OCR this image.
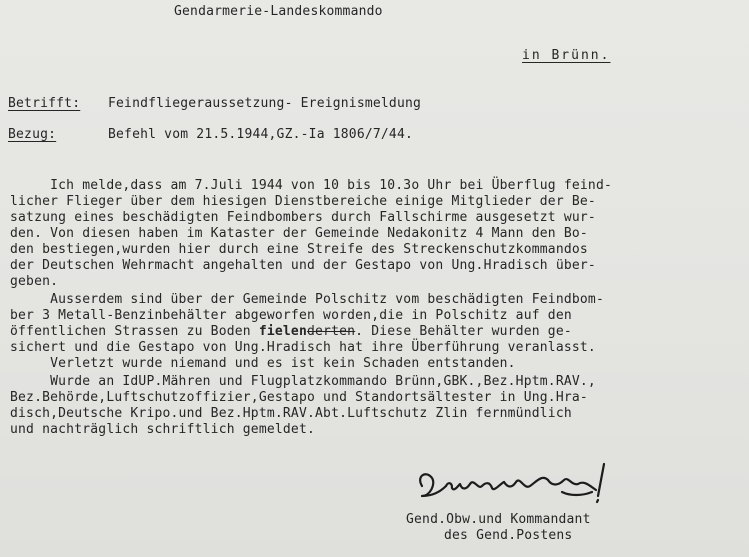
Gendarmerie-Landeskommando
in Brünn.
Betrifft: Feindfliegeraussetzung- Ereignismeldung
Bezug:	Befehl vom 21.5.1944,GZ.-Ia 1806/7/44.
Ich melde,dass am 7.Juli 1944 von 10 bis 10.3o Uhr bei Überflug feind-
licher Flieger über dem hiesigen Dienstbereiche einige Mitglieder der Be-
satzung eines beschädigten Feindbombers durch Fallschirme ausgesetzt wur-
den. Von diesen haben im Kataster der Gemeinde Nedakonitz 4 Mann den Bo-
den bestiegen,wurden hier durch eine Streife des Streckenschutzkommandos
der Deutschen Wehrmacht angehalten und der Gestapo von Ung.Hradisch über-
geben.
Ausserdem sind über der Gemeinde Polschitz vom beschädigten Feindbom-
ber 3 Metall-Benzinbehälter abgeworfen worden,die in Polschitz auf den
öffentlichen Strassen zu Boden fielenderten. Diese Behälter wurden ge-
sichert und die Gestapo von Ung.Hradisch hat ihre Überführung veranlasst.
Verletzt wurde niemand und es ist kein Schaden entstanden.
Wurde an IdUP.Mähren und Flugplatzkommando Brünn,GBK.,Bez.Hptm.RAV.,
Bez.Behörde,Luftschutzoffizier,Gestapo und Standortsältester in Ung.Hra-
disch,Deutsche Kripo.und Bez.Hptm.RAV.Abt.Luftschutz Zlin fernmündlich
und nachträglich schriftlich gemeldet.
Gend.Obw.und Kommandant
des Gend.Postens
